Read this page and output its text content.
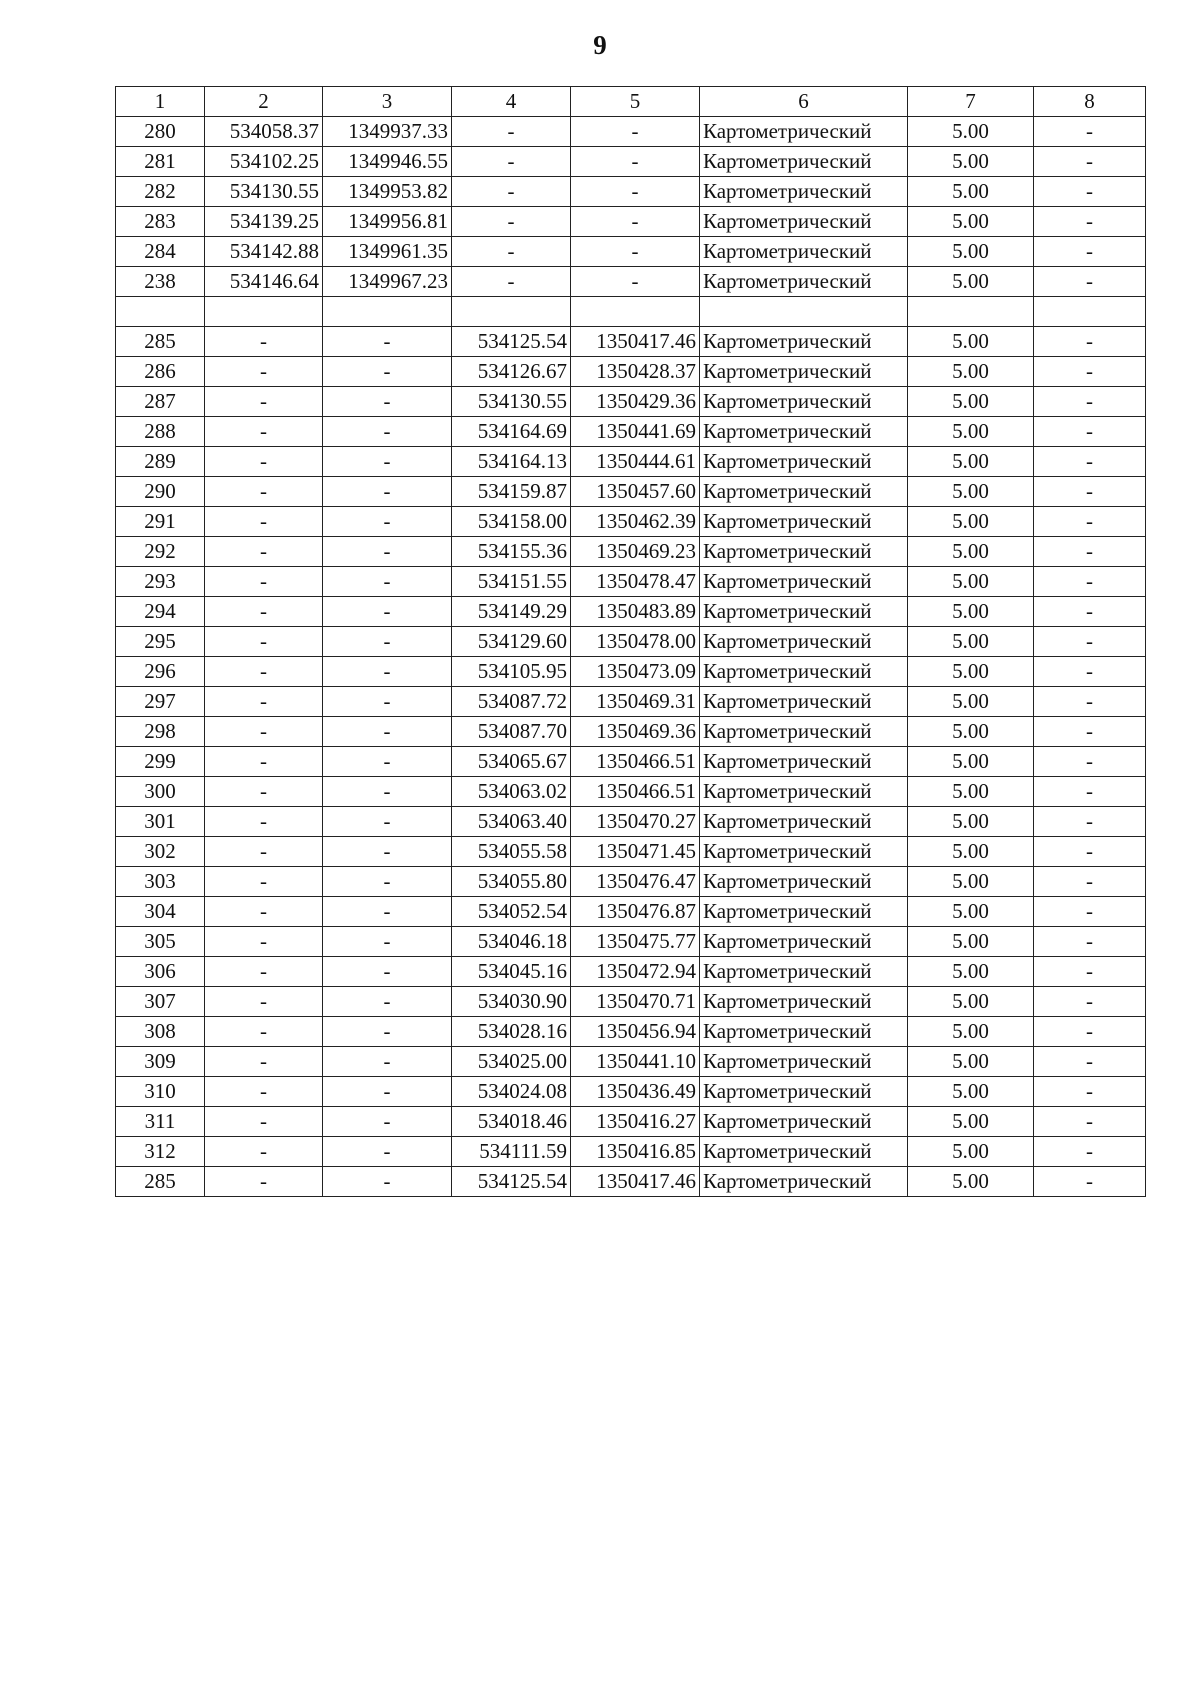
9
1	2	3	4	5	6	7	8
280	534058.37	1349937.33	-	-	Картометрический	5.00	-
281	534102.25	1349946.55	-	-	Картометрический	5.00	-
282	534130.55	1349953.82	-	-	Картометрический	5.00	-
283	534139.25	1349956.81	-	-	Картометрический	5.00	-
284	534142.88	1349961.35	-	-	Картометрический	5.00	-
238	534146.64	1349967.23	-	-	Картометрический	5.00	-

285	-	-	534125.54	1350417.46	Картометрический	5.00	-
286	-	-	534126.67	1350428.37	Картометрический	5.00	-
287	-	-	534130.55	1350429.36	Картометрический	5.00	-
288	-	-	534164.69	1350441.69	Картометрический	5.00	-
289	-	-	534164.13	1350444.61	Картометрический	5.00	-
290	-	-	534159.87	1350457.60	Картометрический	5.00	-
291	-	-	534158.00	1350462.39	Картометрический	5.00	-
292	-	-	534155.36	1350469.23	Картометрический	5.00	-
293	-	-	534151.55	1350478.47	Картометрический	5.00	-
294	-	-	534149.29	1350483.89	Картометрический	5.00	-
295	-	-	534129.60	1350478.00	Картометрический	5.00	-
296	-	-	534105.95	1350473.09	Картометрический	5.00	-
297	-	-	534087.72	1350469.31	Картометрический	5.00	-
298	-	-	534087.70	1350469.36	Картометрический	5.00	-
299	-	-	534065.67	1350466.51	Картометрический	5.00	-
300	-	-	534063.02	1350466.51	Картометрический	5.00	-
301	-	-	534063.40	1350470.27	Картометрический	5.00	-
302	-	-	534055.58	1350471.45	Картометрический	5.00	-
303	-	-	534055.80	1350476.47	Картометрический	5.00	-
304	-	-	534052.54	1350476.87	Картометрический	5.00	-
305	-	-	534046.18	1350475.77	Картометрический	5.00	-
306	-	-	534045.16	1350472.94	Картометрический	5.00	-
307	-	-	534030.90	1350470.71	Картометрический	5.00	-
308	-	-	534028.16	1350456.94	Картометрический	5.00	-
309	-	-	534025.00	1350441.10	Картометрический	5.00	-
310	-	-	534024.08	1350436.49	Картометрический	5.00	-
311	-	-	534018.46	1350416.27	Картометрический	5.00	-
312	-	-	534111.59	1350416.85	Картометрический	5.00	-
285	-	-	534125.54	1350417.46	Картометрический	5.00	-
